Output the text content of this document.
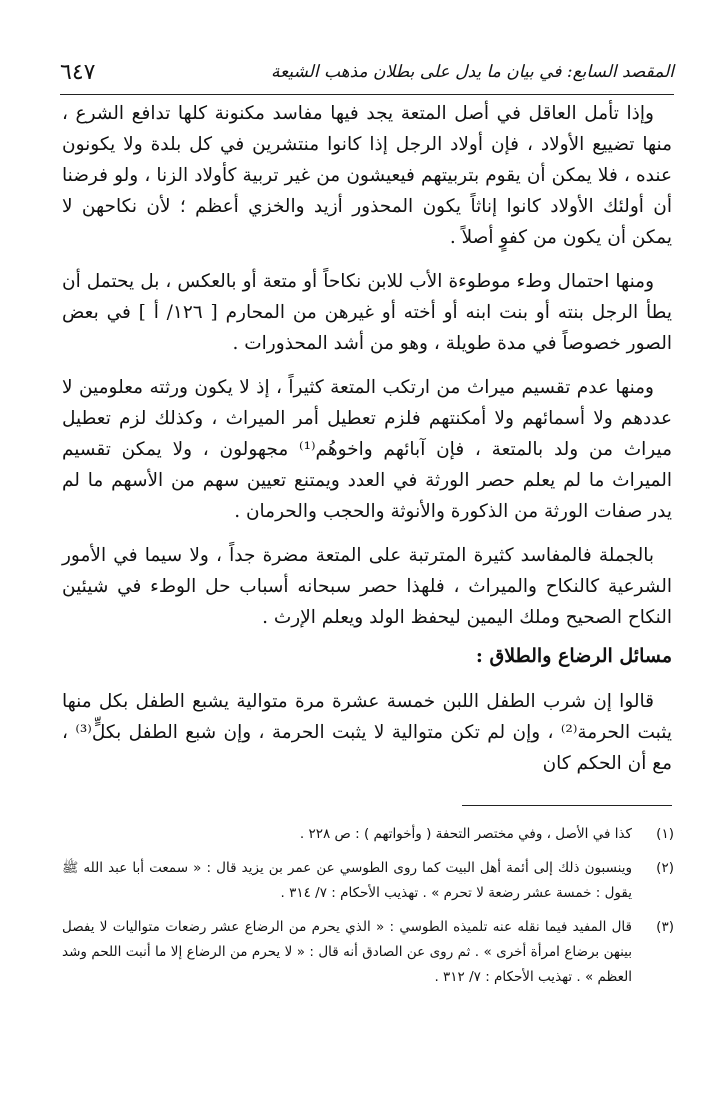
المقصد السابع: في بيان ما يدل على بطلان مذهب الشيعة
٦٤٧

وإذا تأمل العاقل في أصل المتعة يجد فيها مفاسد مكنونة كلها تدافع الشرع ، منها تضييع الأولاد ، فإن أولاد الرجل إذا كانوا منتشرين في كل بلدة ولا يكونون عنده ، فلا يمكن أن يقوم بتربيتهم فيعيشون من غير تربية كأولاد الزنا ، ولو فرضنا أن أولئك الأولاد كانوا إناثاً يكون المحذور أزيد والخزي أعظم ؛ لأن نكاحهن لا يمكن أن يكون من كفوٍ أصلاً .

ومنها احتمال وطء موطوءة الأب للابن نكاحاً أو متعة أو بالعكس ، بل يحتمل أن يطأ الرجل بنته أو بنت ابنه أو أخته أو غيرهن من المحارم [ ١٢٦/ أ ] في بعض الصور خصوصاً في مدة طويلة ، وهو من أشد المحذورات .

ومنها عدم تقسيم ميراث من ارتكب المتعة كثيراً ، إذ لا يكون ورثته معلومين لا عددهم ولا أسمائهم ولا أمكنتهم فلزم تعطيل أمر الميراث ، وكذلك لزم تعطيل ميراث من ولد بالمتعة ، فإن آبائهم واخوهُم⁽¹⁾ مجهولون ، ولا يمكن تقسيم الميراث ما لم يعلم حصر الورثة في العدد ويمتنع تعيين سهم من الأسهم ما لم يدر صفات الورثة من الذكورة والأنوثة والحجب والحرمان .

بالجملة فالمفاسد كثيرة المترتبة على المتعة مضرة جداً ، ولا سيما في الأمور الشرعية كالنكاح والميراث ، فلهذا حصر سبحانه أسباب حل الوطء في شيئين النكاح الصحيح وملك اليمين ليحفظ الولد ويعلم الإرث .

مسائل الرضاع والطلاق :

قالوا إن شرب الطفل اللبن خمسة عشرة مرة متوالية يشبع الطفل بكل منها يثبت الحرمة⁽²⁾ ، وإن لم تكن متوالية لا يثبت الحرمة ، وإن شبع الطفل بكلٍّ⁽³⁾ ، مع أن الحكم كان

(١)
كذا في الأصل ، وفي مختصر التحفة ( وأخواتهم ) : ص ٢٢٨ .
(٢)
وينسبون ذلك إلى أئمة أهل البيت كما روى الطوسي عن عمر بن يزيد قال : « سمعت أبا عبد الله ﷺ يقول : خمسة عشر رضعة لا تحرم » . تهذيب الأحكام : ٧/ ٣١٤ .
(٣)
قال المفيد فيما نقله عنه تلميذه الطوسي : « الذي يحرم من الرضاع عشر رضعات متواليات لا يفصل بينهن برضاع امرأة أخرى » . ثم روى عن الصادق أنه قال : « لا يحرم من الرضاع إلا ما أنبت اللحم وشد العظم » . تهذيب الأحكام : ٧/ ٣١٢ .
